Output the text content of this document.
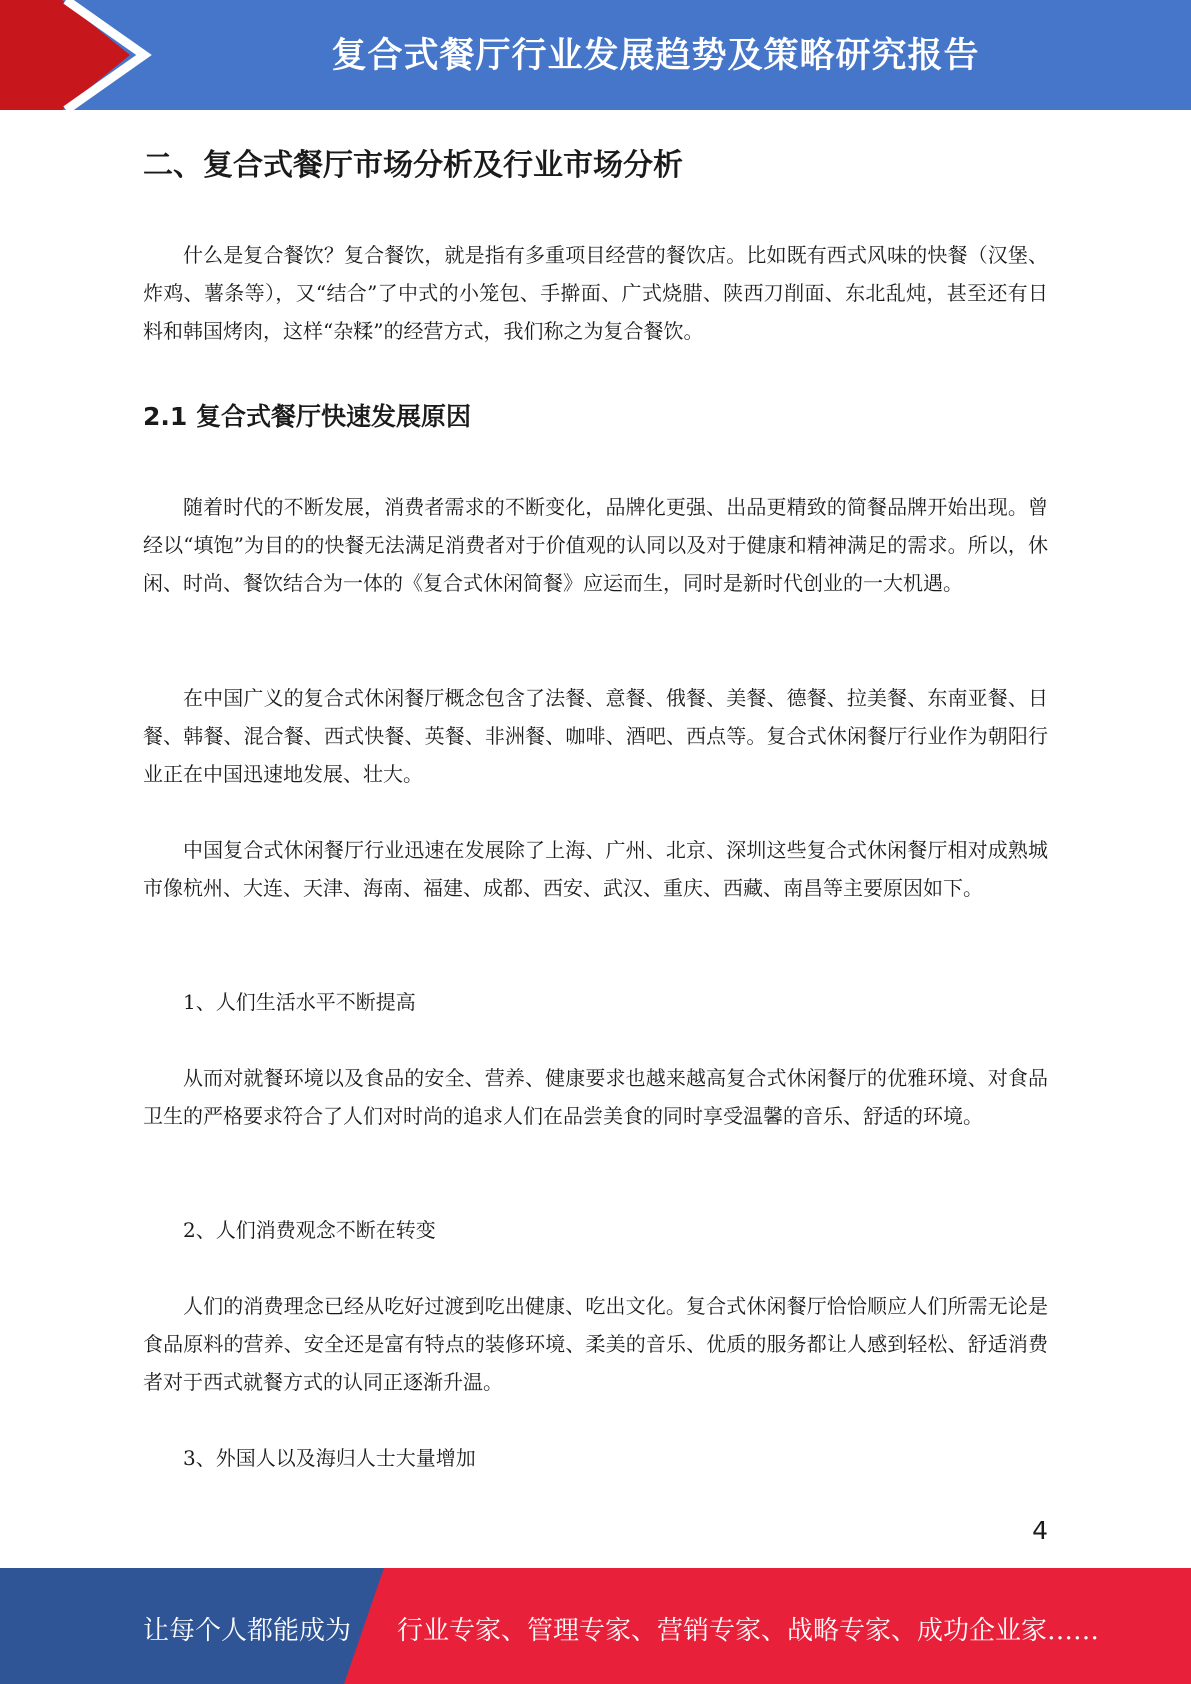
复合式餐厅行业发展趋势及策略研究报告
二、复合式餐厅市场分析及行业市场分析

什么是复合餐饮？复合餐饮，就是指有多重项目经营的餐饮店。比如既有西式风味的快餐（汉堡、炸鸡、薯条等），又“结合”了中式的小笼包、手擀面、广式烧腊、陕西刀削面、东北乱炖，甚至还有日料和韩国烤肉，这样“杂糅”的经营方式，我们称之为复合餐饮。

2.1 复合式餐厅快速发展原因

随着时代的不断发展，消费者需求的不断变化，品牌化更强、出品更精致的简餐品牌开始出现。曾经以“填饱”为目的的快餐无法满足消费者对于价值观的认同以及对于健康和精神满足的需求。所以，休闲、时尚、餐饮结合为一体的《复合式休闲简餐》应运而生，同时是新时代创业的一大机遇。

在中国广义的复合式休闲餐厅概念包含了法餐、意餐、俄餐、美餐、德餐、拉美餐、东南亚餐、日餐、韩餐、混合餐、西式快餐、英餐、非洲餐、咖啡、酒吧、西点等。复合式休闲餐厅行业作为朝阳行业正在中国迅速地发展、壮大。

中国复合式休闲餐厅行业迅速在发展除了上海、广州、北京、深圳这些复合式休闲餐厅相对成熟城市像杭州、大连、天津、海南、福建、成都、西安、武汉、重庆、西藏、南昌等主要原因如下。

1、人们生活水平不断提高

从而对就餐环境以及食品的安全、营养、健康要求也越来越高复合式休闲餐厅的优雅环境、对食品卫生的严格要求符合了人们对时尚的追求人们在品尝美食的同时享受温馨的音乐、舒适的环境。

2、人们消费观念不断在转变

人们的消费理念已经从吃好过渡到吃出健康、吃出文化。复合式休闲餐厅恰恰顺应人们所需无论是食品原料的营养、安全还是富有特点的装修环境、柔美的音乐、优质的服务都让人感到轻松、舒适消费者对于西式就餐方式的认同正逐渐升温。

3、外国人以及海归人士大量增加

4
让每个人都能成为 行业专家、管理专家、营销专家、战略专家、成功企业家……
